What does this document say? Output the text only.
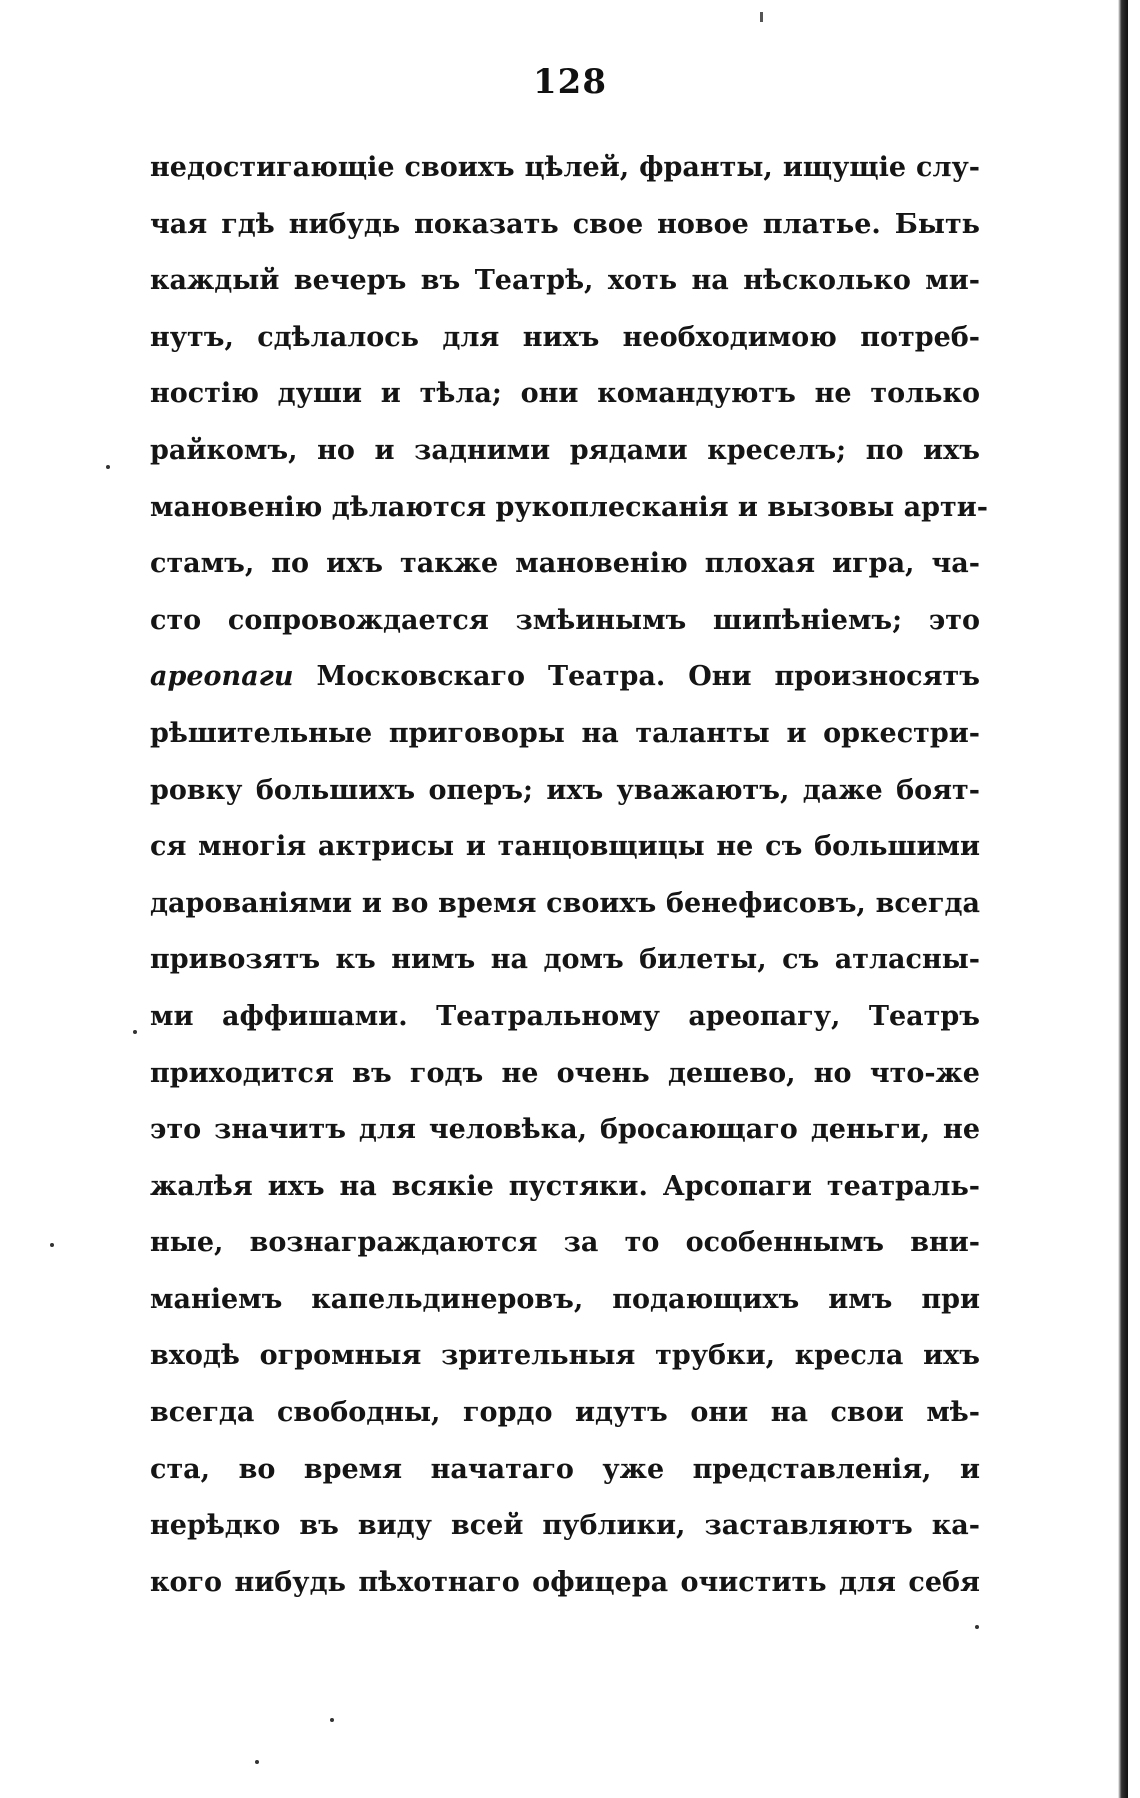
128
недостигающіе своихъ цѣлей, франты, ищущіе слу-
чая гдѣ нибудь показать свое новое платье. Быть
каждый вечеръ въ Театрѣ, хоть на нѣсколько ми-
нутъ, сдѣлалось для нихъ необходимою потреб-
ностію души и тѣла; они командуютъ не только
райкомъ, но и задними рядами креселъ; по ихъ
мановенію дѣлаются рукоплесканія и вызовы арти-
стамъ, по ихъ также мановенію плохая игра, ча-
сто сопровождается змѣинымъ шипѣніемъ; это
ареопаги Московскаго Театра. Они произносятъ
рѣшительные приговоры на таланты и оркестри-
ровку большихъ оперъ; ихъ уважаютъ, даже боят-
ся многія актрисы и танцовщицы не съ большими
дарованіями и во время своихъ бенефисовъ, всегда
привозятъ къ нимъ на домъ билеты, съ атласны-
ми аффишами. Театральному ареопагу, Театръ
приходится въ годъ не очень дешево, но что-же
это значитъ для человѣка, бросающаго деньги, не
жалѣя ихъ на всякіе пустяки. Арсопаги театраль-
ные, вознаграждаются за то особеннымъ вни-
маніемъ капельдинеровъ, подающихъ имъ при
входѣ огромныя зрительныя трубки, кресла ихъ
всегда свободны, гордо идутъ они на свои мѣ-
ста, во время начатаго уже представленія, и
нерѣдко въ виду всей публики, заставляютъ ка-
кого нибудь пѣхотнаго офицера очистить для себя
